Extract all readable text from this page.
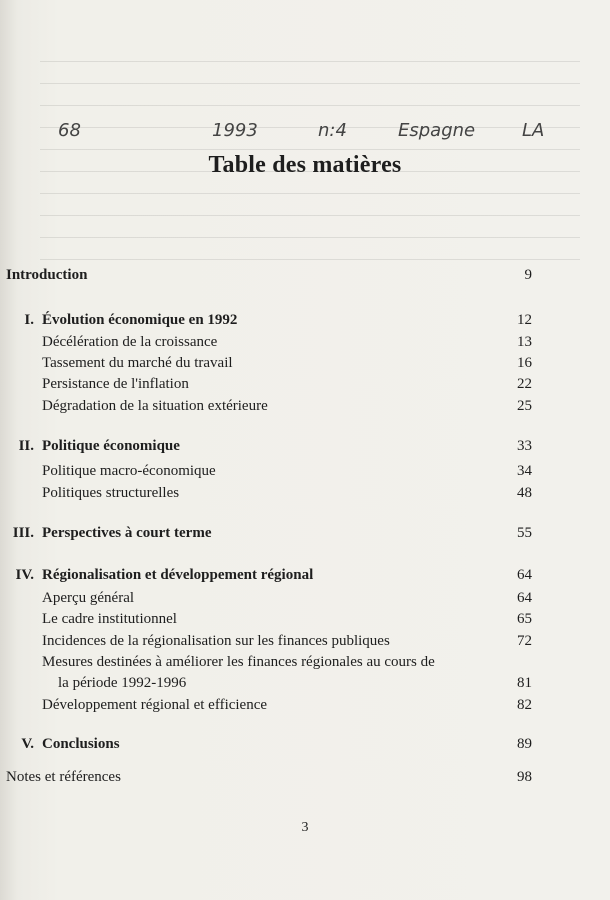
68	1993	n:4	Espagne	LA
Table des matières
Introduction	9
I. Évolution économique en 1992	12
Décélération de la croissance	13
Tassement du marché du travail	16
Persistance de l'inflation	22
Dégradation de la situation extérieure	25
II. Politique économique	33
Politique macro-économique	34
Politiques structurelles	48
III. Perspectives à court terme	55
IV. Régionalisation et développement régional	64
Aperçu général	64
Le cadre institutionnel	65
Incidences de la régionalisation sur les finances publiques	72
Mesures destinées à améliorer les finances régionales au cours de
la période 1992-1996	81
Développement régional et efficience	82
V. Conclusions	89
Notes et références	98
3
